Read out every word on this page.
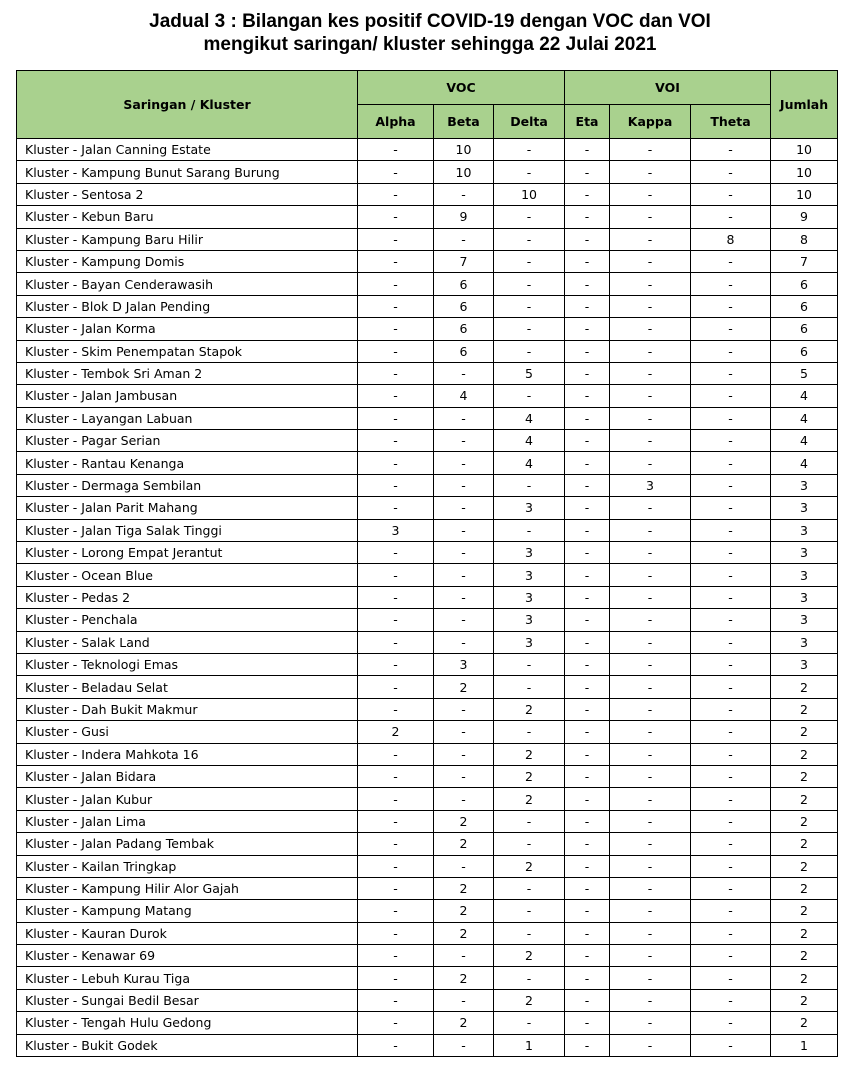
Jadual 3 : Bilangan kes positif COVID-19 dengan VOC dan VOI
mengikut saringan/ kluster sehingga 22 Julai 2021
Saringan / Kluster	VOC			VOI			Jumlah
	Alpha	Beta	Delta	Eta	Kappa	Theta	
Kluster - Jalan Canning Estate	-	10	-	-	-	-	10
Kluster - Kampung Bunut Sarang Burung	-	10	-	-	-	-	10
Kluster - Sentosa 2	-	-	10	-	-	-	10
Kluster - Kebun Baru	-	9	-	-	-	-	9
Kluster - Kampung Baru Hilir	-	-	-	-	-	8	8
Kluster - Kampung Domis	-	7	-	-	-	-	7
Kluster - Bayan Cenderawasih	-	6	-	-	-	-	6
Kluster - Blok D Jalan Pending	-	6	-	-	-	-	6
Kluster - Jalan Korma	-	6	-	-	-	-	6
Kluster - Skim Penempatan Stapok	-	6	-	-	-	-	6
Kluster - Tembok Sri Aman 2	-	-	5	-	-	-	5
Kluster - Jalan Jambusan	-	4	-	-	-	-	4
Kluster - Layangan Labuan	-	-	4	-	-	-	4
Kluster - Pagar Serian	-	-	4	-	-	-	4
Kluster - Rantau Kenanga	-	-	4	-	-	-	4
Kluster - Dermaga Sembilan	-	-	-	-	3	-	3
Kluster - Jalan Parit Mahang	-	-	3	-	-	-	3
Kluster - Jalan Tiga Salak Tinggi	3	-	-	-	-	-	3
Kluster - Lorong Empat Jerantut	-	-	3	-	-	-	3
Kluster - Ocean Blue	-	-	3	-	-	-	3
Kluster - Pedas 2	-	-	3	-	-	-	3
Kluster - Penchala	-	-	3	-	-	-	3
Kluster - Salak Land	-	-	3	-	-	-	3
Kluster - Teknologi Emas	-	3	-	-	-	-	3
Kluster - Beladau Selat	-	2	-	-	-	-	2
Kluster - Dah Bukit Makmur	-	-	2	-	-	-	2
Kluster - Gusi	2	-	-	-	-	-	2
Kluster - Indera Mahkota 16	-	-	2	-	-	-	2
Kluster - Jalan Bidara	-	-	2	-	-	-	2
Kluster - Jalan Kubur	-	-	2	-	-	-	2
Kluster - Jalan Lima	-	2	-	-	-	-	2
Kluster - Jalan Padang Tembak	-	2	-	-	-	-	2
Kluster - Kailan Tringkap	-	-	2	-	-	-	2
Kluster - Kampung Hilir Alor Gajah	-	2	-	-	-	-	2
Kluster - Kampung Matang	-	2	-	-	-	-	2
Kluster - Kauran Durok	-	2	-	-	-	-	2
Kluster - Kenawar 69	-	-	2	-	-	-	2
Kluster - Lebuh Kurau Tiga	-	2	-	-	-	-	2
Kluster - Sungai Bedil Besar	-	-	2	-	-	-	2
Kluster - Tengah Hulu Gedong	-	2	-	-	-	-	2
Kluster - Bukit Godek	-	-	1	-	-	-	1
